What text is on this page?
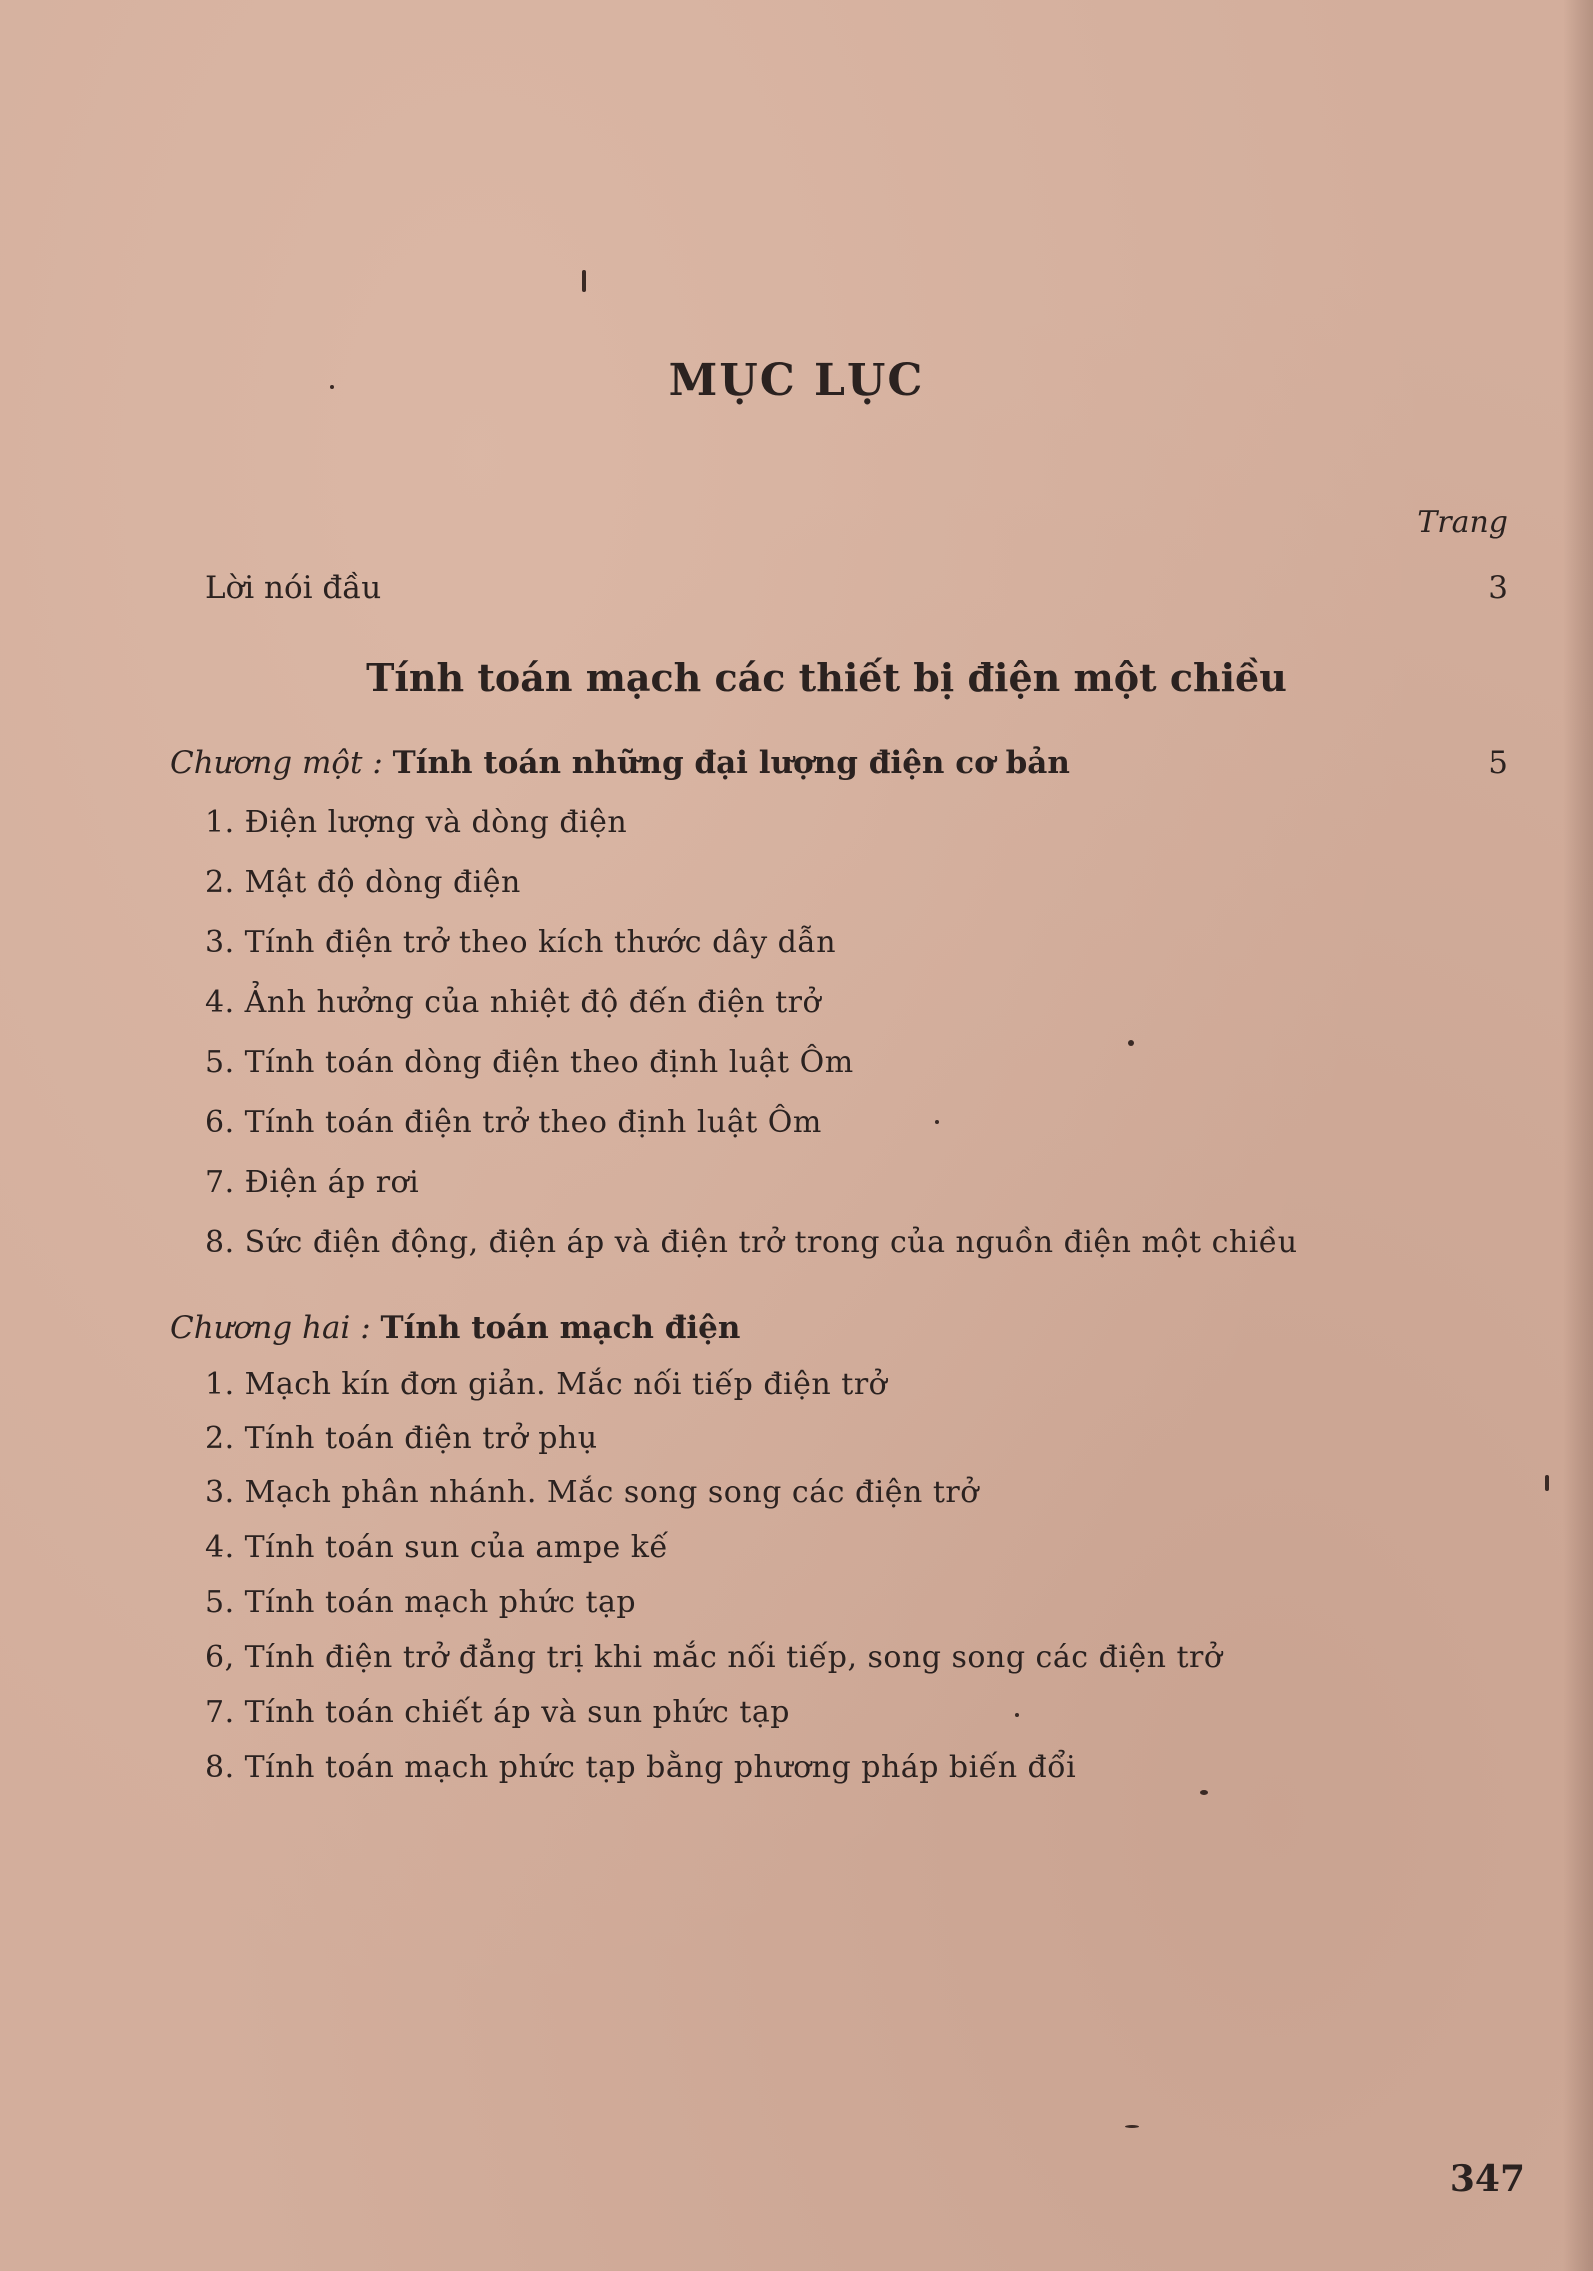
MỤC LỤC
Trang
Lời nói đầu	3
Tính toán mạch các thiết bị điện một chiều
Chương một : Tính toán những đại lượng điện cơ bản	5
1. Điện lượng và dòng điện
2. Mật độ dòng điện
3. Tính điện trở theo kích thước dây dẫn
4. Ảnh hưởng của nhiệt độ đến điện trở
5. Tính toán dòng điện theo định luật Ôm
6. Tính toán điện trở theo định luật Ôm
7. Điện áp rơi
8. Sức điện động, điện áp và điện trở trong của nguồn điện một chiều
Chương hai : Tính toán mạch điện
1. Mạch kín đơn giản. Mắc nối tiếp điện trở
2. Tính toán điện trở phụ
3. Mạch phân nhánh. Mắc song song các điện trở
4. Tính toán sun của ampe kế
5. Tính toán mạch phức tạp
6, Tính điện trở đẳng trị khi mắc nối tiếp, song song các điện trở
7. Tính toán chiết áp và sun phức tạp
8. Tính toán mạch phức tạp bằng phương pháp biến đổi
347
